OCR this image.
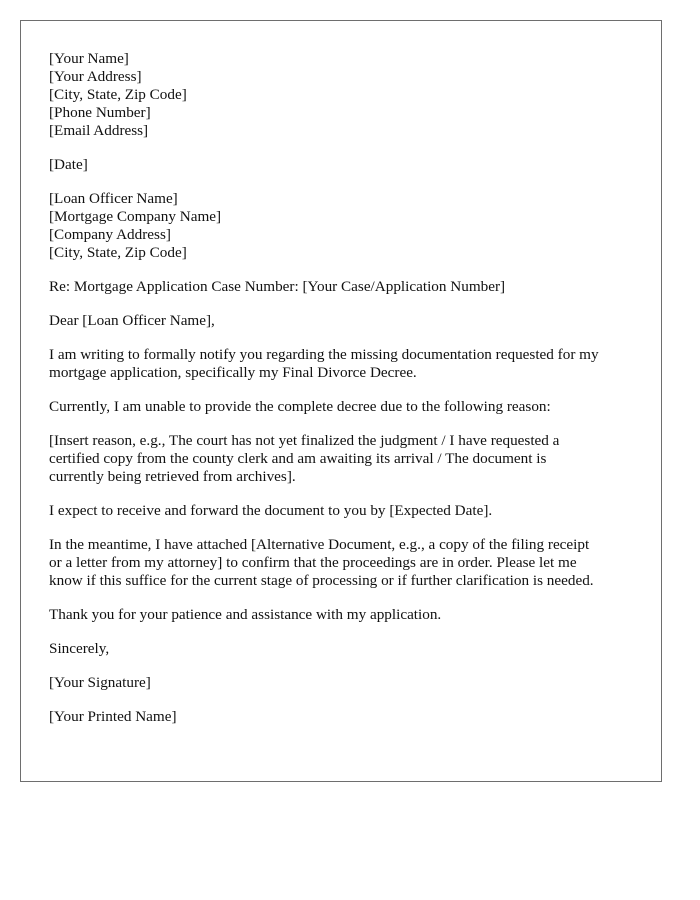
[Your Name]
[Your Address]
[City, State, Zip Code]
[Phone Number]
[Email Address]
[Date]
[Loan Officer Name]
[Mortgage Company Name]
[Company Address]
[City, State, Zip Code]
Re: Mortgage Application Case Number: [Your Case/Application Number]
Dear [Loan Officer Name],
I am writing to formally notify you regarding the missing documentation requested for my
mortgage application, specifically my Final Divorce Decree.
Currently, I am unable to provide the complete decree due to the following reason:
[Insert reason, e.g., The court has not yet finalized the judgment / I have requested a
certified copy from the county clerk and am awaiting its arrival / The document is
currently being retrieved from archives].
I expect to receive and forward the document to you by [Expected Date].
In the meantime, I have attached [Alternative Document, e.g., a copy of the filing receipt
or a letter from my attorney] to confirm that the proceedings are in order. Please let me
know if this suffice for the current stage of processing or if further clarification is needed.
Thank you for your patience and assistance with my application.
Sincerely,
[Your Signature]
[Your Printed Name]
